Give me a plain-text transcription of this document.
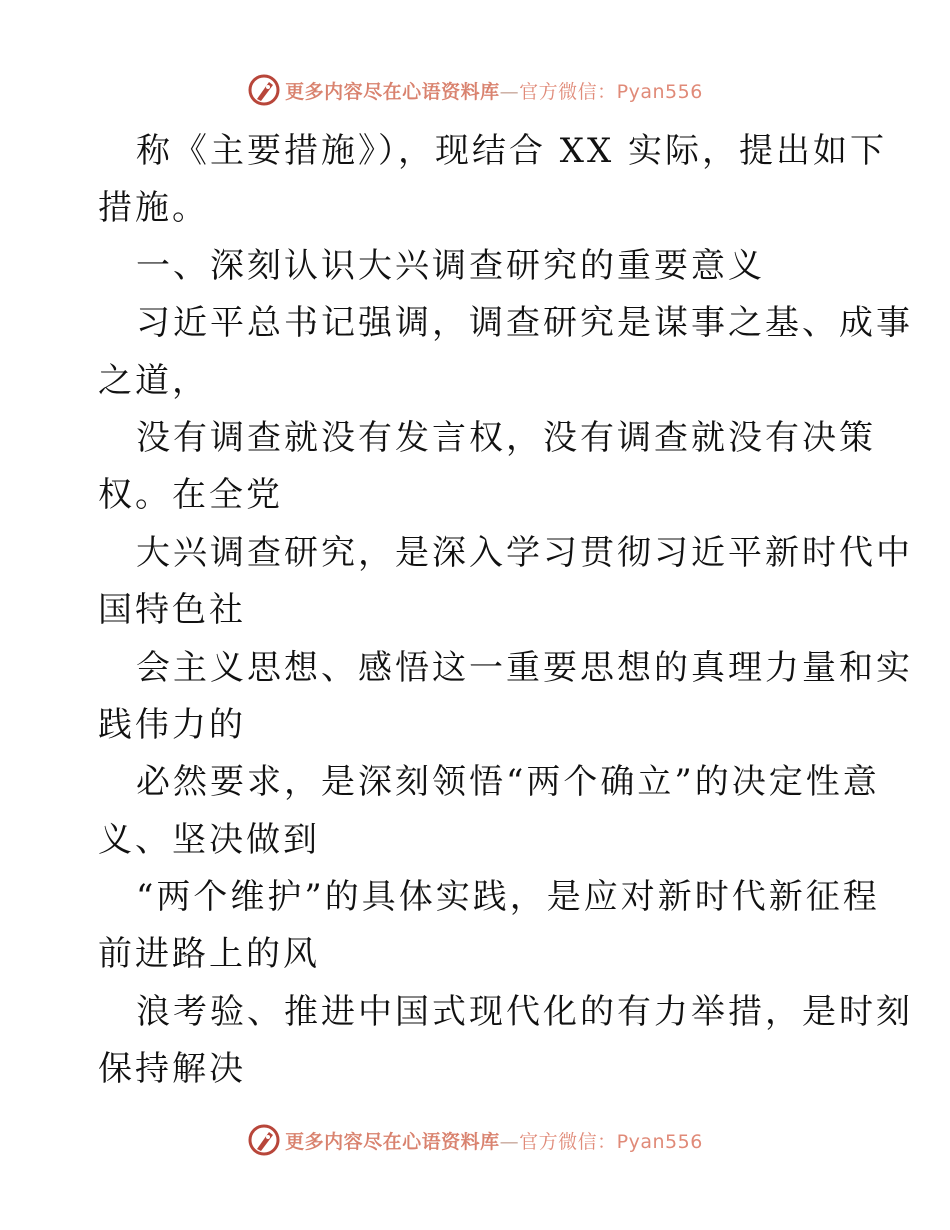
更多内容尽在心语资料库—官方微信：Pyan556
称《主要措施》），现结合 XX 实际，提出如下
措施。
一、深刻认识大兴调查研究的重要意义
习近平总书记强调，调查研究是谋事之基、成事
之道，
没有调查就没有发言权，没有调查就没有决策
权。在全党
大兴调查研究，是深入学习贯彻习近平新时代中
国特色社
会主义思想、感悟这一重要思想的真理力量和实
践伟力的
必然要求，是深刻领悟“两个确立”的决定性意
义、坚决做到
“两个维护”的具体实践，是应对新时代新征程
前进路上的风
浪考验、推进中国式现代化的有力举措，是时刻
保持解决
更多内容尽在心语资料库—官方微信：Pyan556
